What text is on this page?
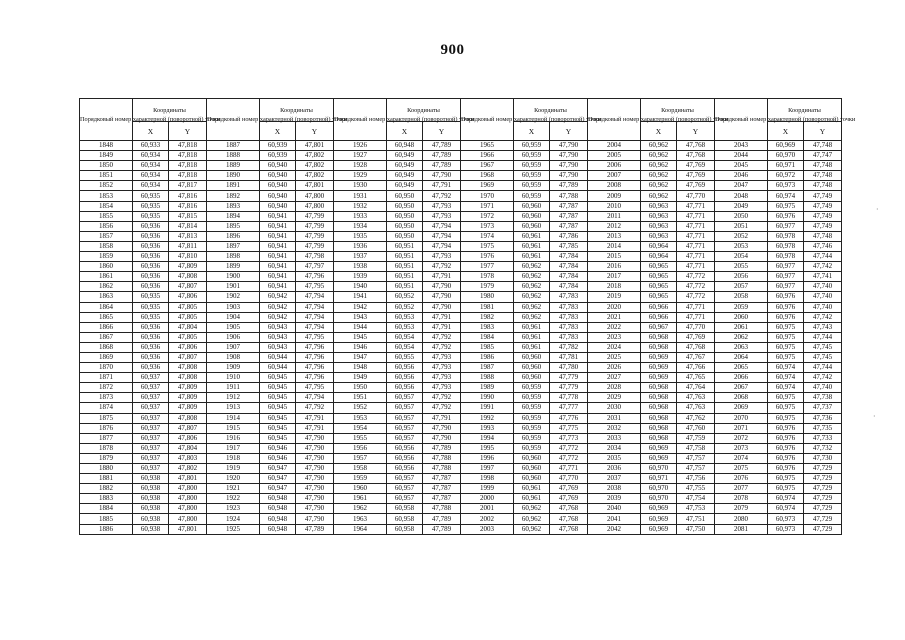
900
Порядковый номер характерной (поворотной) точки	Координаты		Порядковый номер характерной (поворотной) точки	Координаты		Порядковый номер характерной (поворотной) точки	Координаты		Порядковый номер характерной (поворотной) точки	Координаты		Порядковый номер характерной (поворотной) точки	Координаты		Порядковый номер характерной (поворотной) точки	Координаты	
	X	Y		X	Y		X	Y		X	Y		X	Y		X	Y
1848	60,933	47,818	1887	60,939	47,801	1926	60,948	47,789	1965	60,959	47,790	2004	60,962	47,768	2043	60,969	47,748
1849	60,934	47,818	1888	60,939	47,802	1927	60,949	47,789	1966	60,959	47,790	2005	60,962	47,768	2044	60,970	47,747
1850	60,934	47,818	1889	60,940	47,802	1928	60,949	47,789	1967	60,959	47,790	2006	60,962	47,769	2045	60,971	47,748
1851	60,934	47,818	1890	60,940	47,802	1929	60,949	47,790	1968	60,959	47,790	2007	60,962	47,769	2046	60,972	47,748
1852	60,934	47,817	1891	60,940	47,801	1930	60,949	47,791	1969	60,959	47,789	2008	60,962	47,769	2047	60,973	47,748
1853	60,935	47,816	1892	60,940	47,800	1931	60,950	47,792	1970	60,959	47,788	2009	60,962	47,770	2048	60,974	47,749
1854	60,935	47,816	1893	60,940	47,800	1932	60,950	47,793	1971	60,960	47,787	2010	60,963	47,771	2049	60,975	47,749
1855	60,935	47,815	1894	60,941	47,799	1933	60,950	47,793	1972	60,960	47,787	2011	60,963	47,771	2050	60,976	47,749
1856	60,936	47,814	1895	60,941	47,799	1934	60,950	47,794	1973	60,960	47,787	2012	60,963	47,771	2051	60,977	47,749
1857	60,936	47,813	1896	60,941	47,799	1935	60,950	47,794	1974	60,961	47,786	2013	60,963	47,771	2052	60,978	47,748
1858	60,936	47,811	1897	60,941	47,799	1936	60,951	47,794	1975	60,961	47,785	2014	60,964	47,771	2053	60,978	47,746
1859	60,936	47,810	1898	60,941	47,798	1937	60,951	47,793	1976	60,961	47,784	2015	60,964	47,771	2054	60,978	47,744
1860	60,936	47,809	1899	60,941	47,797	1938	60,951	47,792	1977	60,962	47,784	2016	60,965	47,771	2055	60,977	47,742
1861	60,936	47,808	1900	60,941	47,796	1939	60,951	47,791	1978	60,962	47,784	2017	60,965	47,772	2056	60,977	47,741
1862	60,936	47,807	1901	60,941	47,795	1940	60,951	47,790	1979	60,962	47,784	2018	60,965	47,772	2057	60,977	47,740
1863	60,935	47,806	1902	60,942	47,794	1941	60,952	47,790	1980	60,962	47,783	2019	60,965	47,772	2058	60,976	47,740
1864	60,935	47,805	1903	60,942	47,794	1942	60,952	47,790	1981	60,962	47,783	2020	60,966	47,771	2059	60,976	47,740
1865	60,935	47,805	1904	60,942	47,794	1943	60,953	47,791	1982	60,962	47,783	2021	60,966	47,771	2060	60,976	47,742
1866	60,936	47,804	1905	60,943	47,794	1944	60,953	47,791	1983	60,961	47,783	2022	60,967	47,770	2061	60,975	47,743
1867	60,936	47,805	1906	60,943	47,795	1945	60,954	47,792	1984	60,961	47,783	2023	60,968	47,769	2062	60,975	47,744
1868	60,936	47,806	1907	60,943	47,796	1946	60,954	47,792	1985	60,961	47,782	2024	60,968	47,768	2063	60,975	47,745
1869	60,936	47,807	1908	60,944	47,796	1947	60,955	47,793	1986	60,960	47,781	2025	60,969	47,767	2064	60,975	47,745
1870	60,936	47,808	1909	60,944	47,796	1948	60,956	47,793	1987	60,960	47,780	2026	60,969	47,766	2065	60,974	47,744
1871	60,937	47,808	1910	60,945	47,796	1949	60,956	47,793	1988	60,960	47,779	2027	60,969	47,765	2066	60,974	47,742
1872	60,937	47,809	1911	60,945	47,795	1950	60,956	47,793	1989	60,959	47,779	2028	60,968	47,764	2067	60,974	47,740
1873	60,937	47,809	1912	60,945	47,794	1951	60,957	47,792	1990	60,959	47,778	2029	60,968	47,763	2068	60,975	47,738
1874	60,937	47,809	1913	60,945	47,792	1952	60,957	47,792	1991	60,959	47,777	2030	60,968	47,763	2069	60,975	47,737
1875	60,937	47,808	1914	60,945	47,791	1953	60,957	47,791	1992	60,959	47,776	2031	60,968	47,762	2070	60,975	47,736
1876	60,937	47,807	1915	60,945	47,791	1954	60,957	47,790	1993	60,959	47,775	2032	60,968	47,760	2071	60,976	47,735
1877	60,937	47,806	1916	60,945	47,790	1955	60,957	47,790	1994	60,959	47,773	2033	60,968	47,759	2072	60,976	47,733
1878	60,937	47,804	1917	60,946	47,790	1956	60,956	47,789	1995	60,959	47,772	2034	60,969	47,758	2073	60,976	47,732
1879	60,937	47,803	1918	60,946	47,790	1957	60,956	47,788	1996	60,960	47,772	2035	60,969	47,757	2074	60,976	47,730
1880	60,937	47,802	1919	60,947	47,790	1958	60,956	47,788	1997	60,960	47,771	2036	60,970	47,757	2075	60,976	47,729
1881	60,938	47,801	1920	60,947	47,790	1959	60,957	47,787	1998	60,960	47,770	2037	60,971	47,756	2076	60,975	47,729
1882	60,938	47,800	1921	60,947	47,790	1960	60,957	47,787	1999	60,961	47,769	2038	60,970	47,755	2077	60,975	47,729
1883	60,938	47,800	1922	60,948	47,790	1961	60,957	47,787	2000	60,961	47,769	2039	60,970	47,754	2078	60,974	47,729
1884	60,938	47,800	1923	60,948	47,790	1962	60,958	47,788	2001	60,962	47,768	2040	60,969	47,753	2079	60,974	47,729
1885	60,938	47,800	1924	60,948	47,790	1963	60,958	47,789	2002	60,962	47,768	2041	60,969	47,751	2080	60,973	47,729
1886	60,938	47,801	1925	60,948	47,789	1964	60,958	47,789	2003	60,962	47,768	2042	60,969	47,750	2081	60,973	47,729
·
·
